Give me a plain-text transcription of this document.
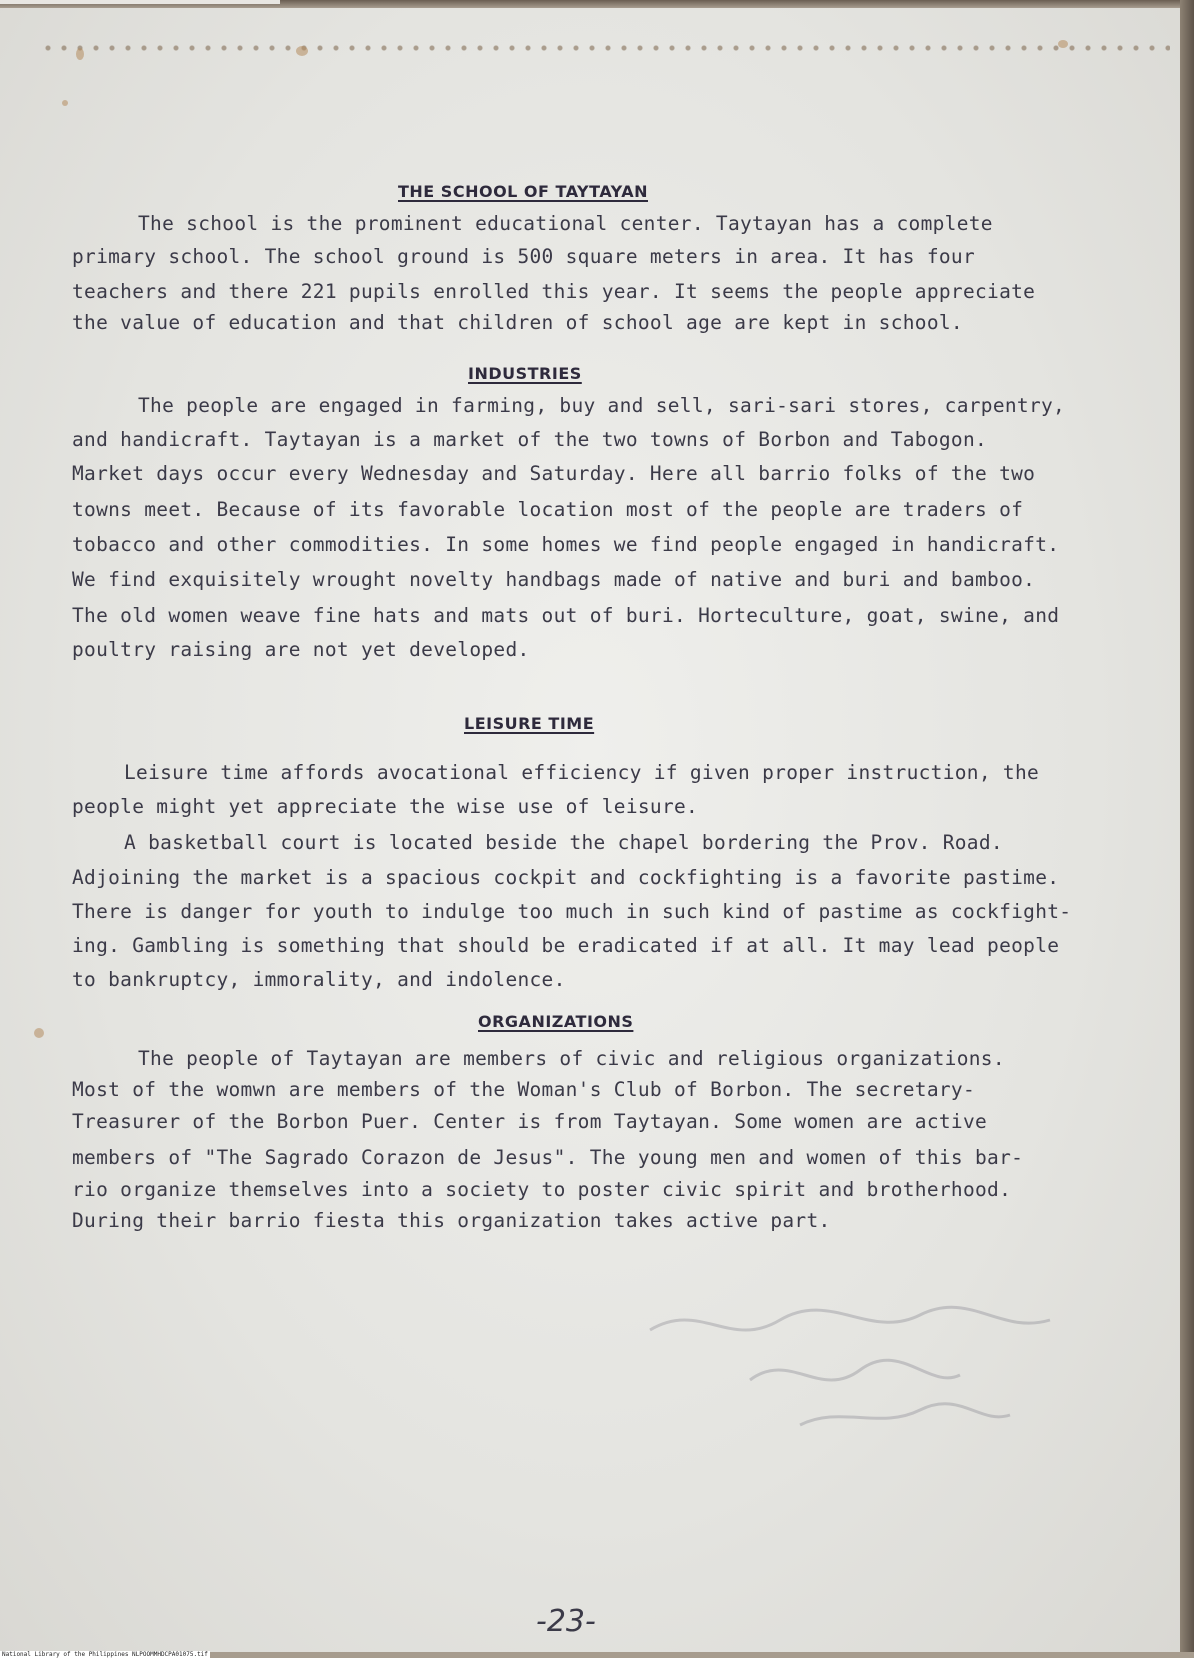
THE SCHOOL OF TAYTAYAN
The school is the prominent educational center. Taytayan has a complete
primary school. The school ground is 500 square meters in area. It has four
teachers and there 221 pupils enrolled this year. It seems the people appreciate
the value of education and that children of school age are kept in school.
INDUSTRIES
The people are engaged in farming, buy and sell, sari-sari stores, carpentry,
and handicraft. Taytayan is a market of the two towns of Borbon and Tabogon.
Market days occur every Wednesday and Saturday. Here all barrio folks of the two
towns meet. Because of its favorable location most of the people are traders of
tobacco and other commodities. In some homes we find people engaged in handicraft.
We find exquisitely wrought novelty handbags made of native and buri and bamboo.
The old women weave fine hats and mats out of buri. Horteculture, goat, swine, and
poultry raising are not yet developed.
LEISURE TIME
Leisure time affords avocational efficiency if given proper instruction, the
people might yet appreciate the wise use of leisure.
A basketball court is located beside the chapel bordering the Prov. Road.
Adjoining the market is a spacious cockpit and cockfighting is a favorite pastime.
There is danger for youth to indulge too much in such kind of pastime as cockfight-
ing. Gambling is something that should be eradicated if at all. It may lead people
to bankruptcy, immorality, and indolence.
ORGANIZATIONS
The people of Taytayan are members of civic and religious organizations.
Most of the womwn are members of the Woman's Club of Borbon. The secretary-
Treasurer of the Borbon Puer. Center is from Taytayan. Some women are active
members of "The Sagrado Corazon de Jesus". The young men and women of this bar-
rio organize themselves into a society to poster civic spirit and brotherhood.
During their barrio fiesta this organization takes active part.
-23-
National Library of the Philippines NLPOOMMHDCPA01075.tif
